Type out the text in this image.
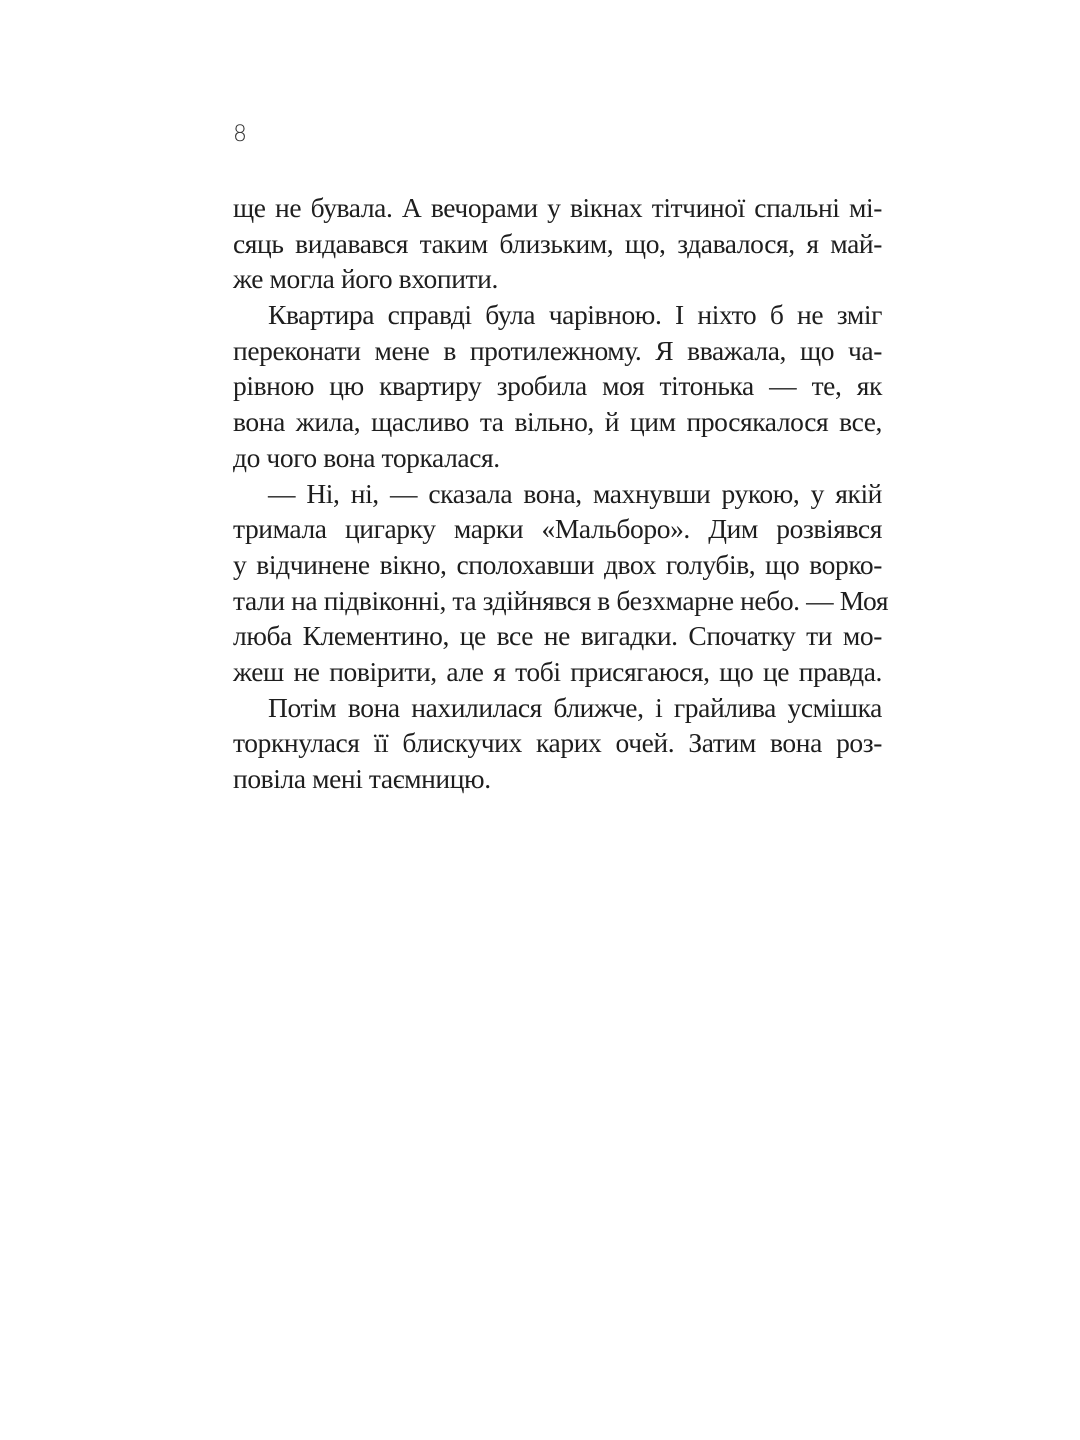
8
ще не бувала. А вечорами у вікнах тітчиної спальні мі-
сяць видавався таким близьким, що, здавалося, я май-
же могла його вхопити.
Квартира справді була чарівною. І ніхто б не зміг
переконати мене в протилежному. Я вважала, що ча-
рівною цю квартиру зробила моя тітонька — те, як
вона жила, щасливо та вільно, й цим просякалося все,
до чого вона торкалася.
— Ні, ні, — сказала вона, махнувши рукою, у якій
тримала цигарку марки «Мальборо». Дим розвіявся
у відчинене вікно, сполохавши двох голубів, що ворко-
тали на підвіконні, та здійнявся в безхмарне небо. — Моя
люба Клементино, це все не вигадки. Спочатку ти мо-
жеш не повірити, але я тобі присягаюся, що це правда.
Потім вона нахилилася ближче, і грайлива усмішка
торкнулася її блискучих карих очей. Затим вона роз-
повіла мені таємницю.
